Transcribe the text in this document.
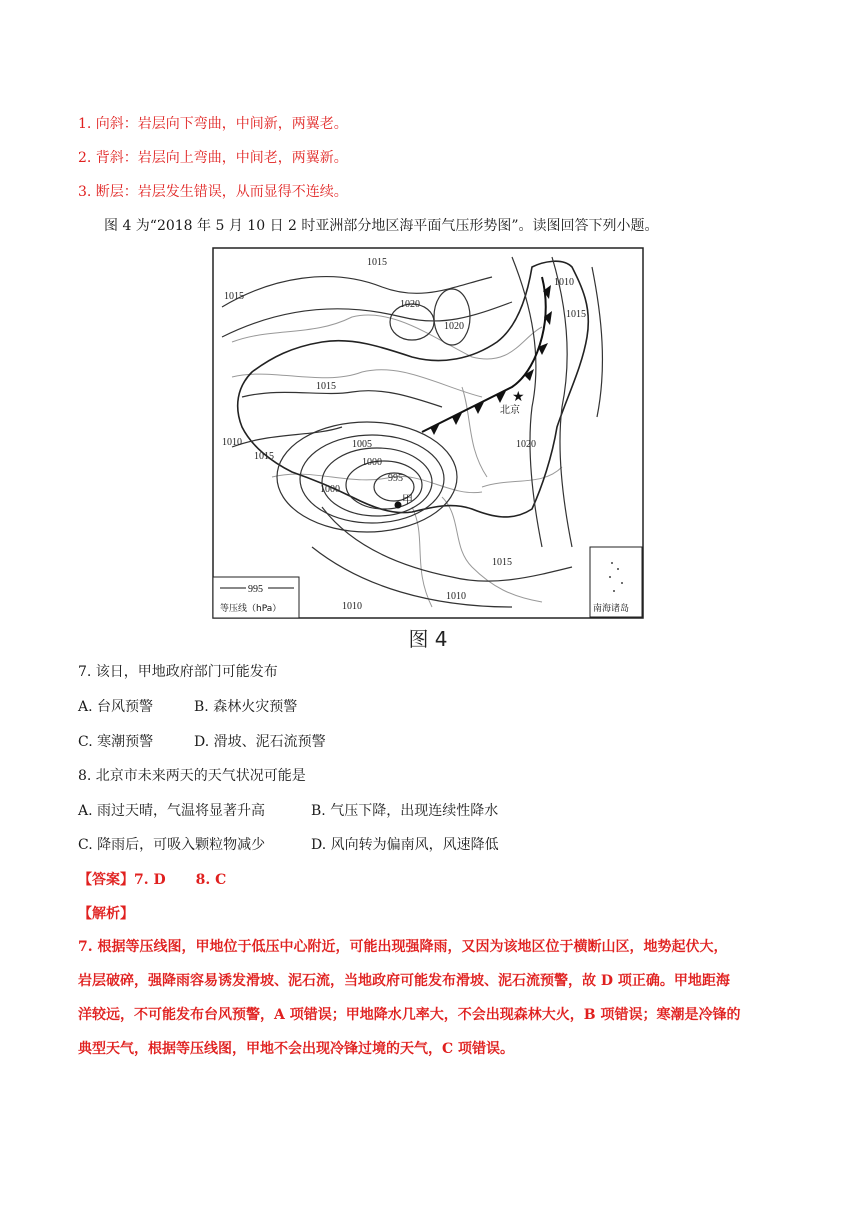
1. 向斜：岩层向下弯曲，中间新，两翼老。
2. 背斜：岩层向上弯曲，中间老，两翼新。
3. 断层：岩层发生错误，从而显得不连续。
图 4 为“2018 年 5 月 10 日 2 时亚洲部分地区海平面气压形势图”。读图回答下列小题。
1015
1015
1020
1020
1010
1015
1015
1010
1015
1005
1000
995
1000
1020
1015
1010
1010
★
北京
甲
南海诸岛
995
等压线（hPa）
图 4
7. 该日，甲地政府部门可能发布
A. 台风预警	B. 森林火灾预警
C. 寒潮预警	D. 滑坡、泥石流预警
8. 北京市未来两天的天气状况可能是
A. 雨过天晴，气温将显著升高	B. 气压下降，出现连续性降水
C. 降雨后，可吸入颗粒物减少	D. 风向转为偏南风，风速降低
【答案】7. D 8. C
【解析】
7. 根据等压线图，甲地位于低压中心附近，可能出现强降雨，又因为该地区位于横断山区，地势起伏大，
岩层破碎，强降雨容易诱发滑坡、泥石流，当地政府可能发布滑坡、泥石流预警，故 D 项正确。甲地距海
洋较远，不可能发布台风预警，A 项错误；甲地降水几率大，不会出现森林大火，B 项错误；寒潮是冷锋的
典型天气，根据等压线图，甲地不会出现冷锋过境的天气，C 项错误。
